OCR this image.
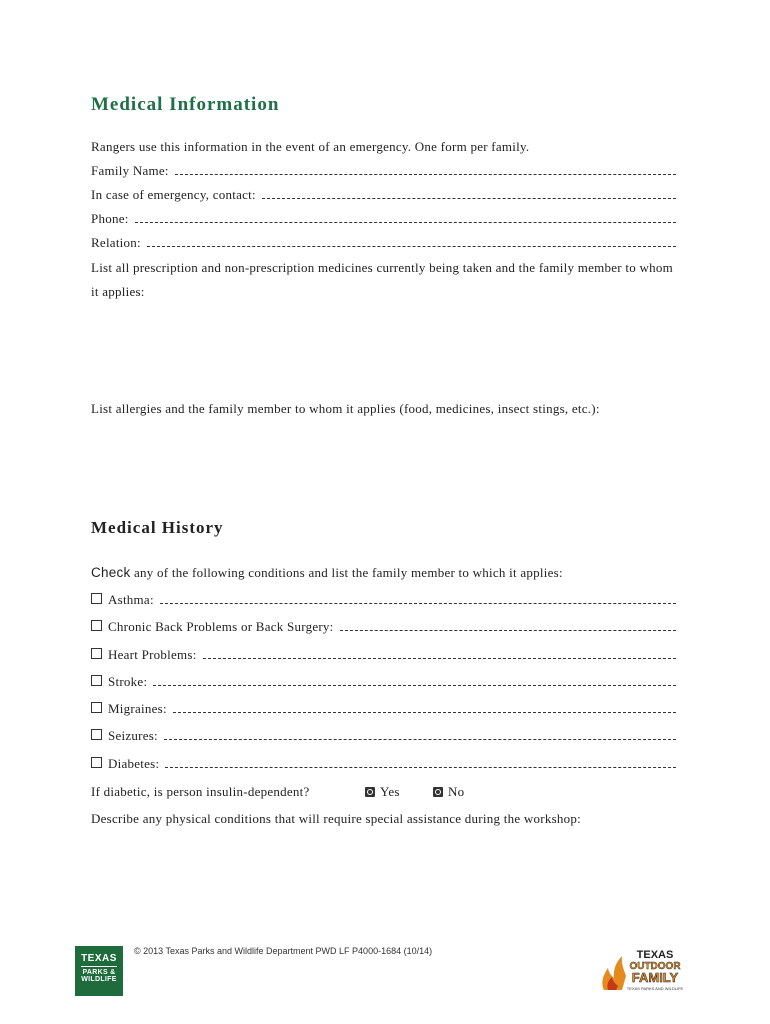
Medical Information
Rangers use this information in the event of an emergency. One form per family.
Family Name:
In case of emergency, contact:
Phone:
Relation:
List all prescription and non-prescription medicines currently being taken and the family member to whom it applies:
List allergies and the family member to whom it applies (food, medicines, insect stings, etc.):
Medical History
Check any of the following conditions and list the family member to which it applies:
Asthma:
Chronic Back Problems or Back Surgery:
Heart Problems:
Stroke:
Migraines:
Seizures:
Diabetes:
If diabetic, is person insulin-dependent?	Yes	No
Describe any physical conditions that will require special assistance during the workshop:
TEXAS
PARKS &
WILDLIFE
© 2013 Texas Parks and Wildlife Department PWD LF P4000-1684 (10/14)	TEXAS
OUTDOOR
FAMILY
TEXAS PARKS AND WILDLIFE
